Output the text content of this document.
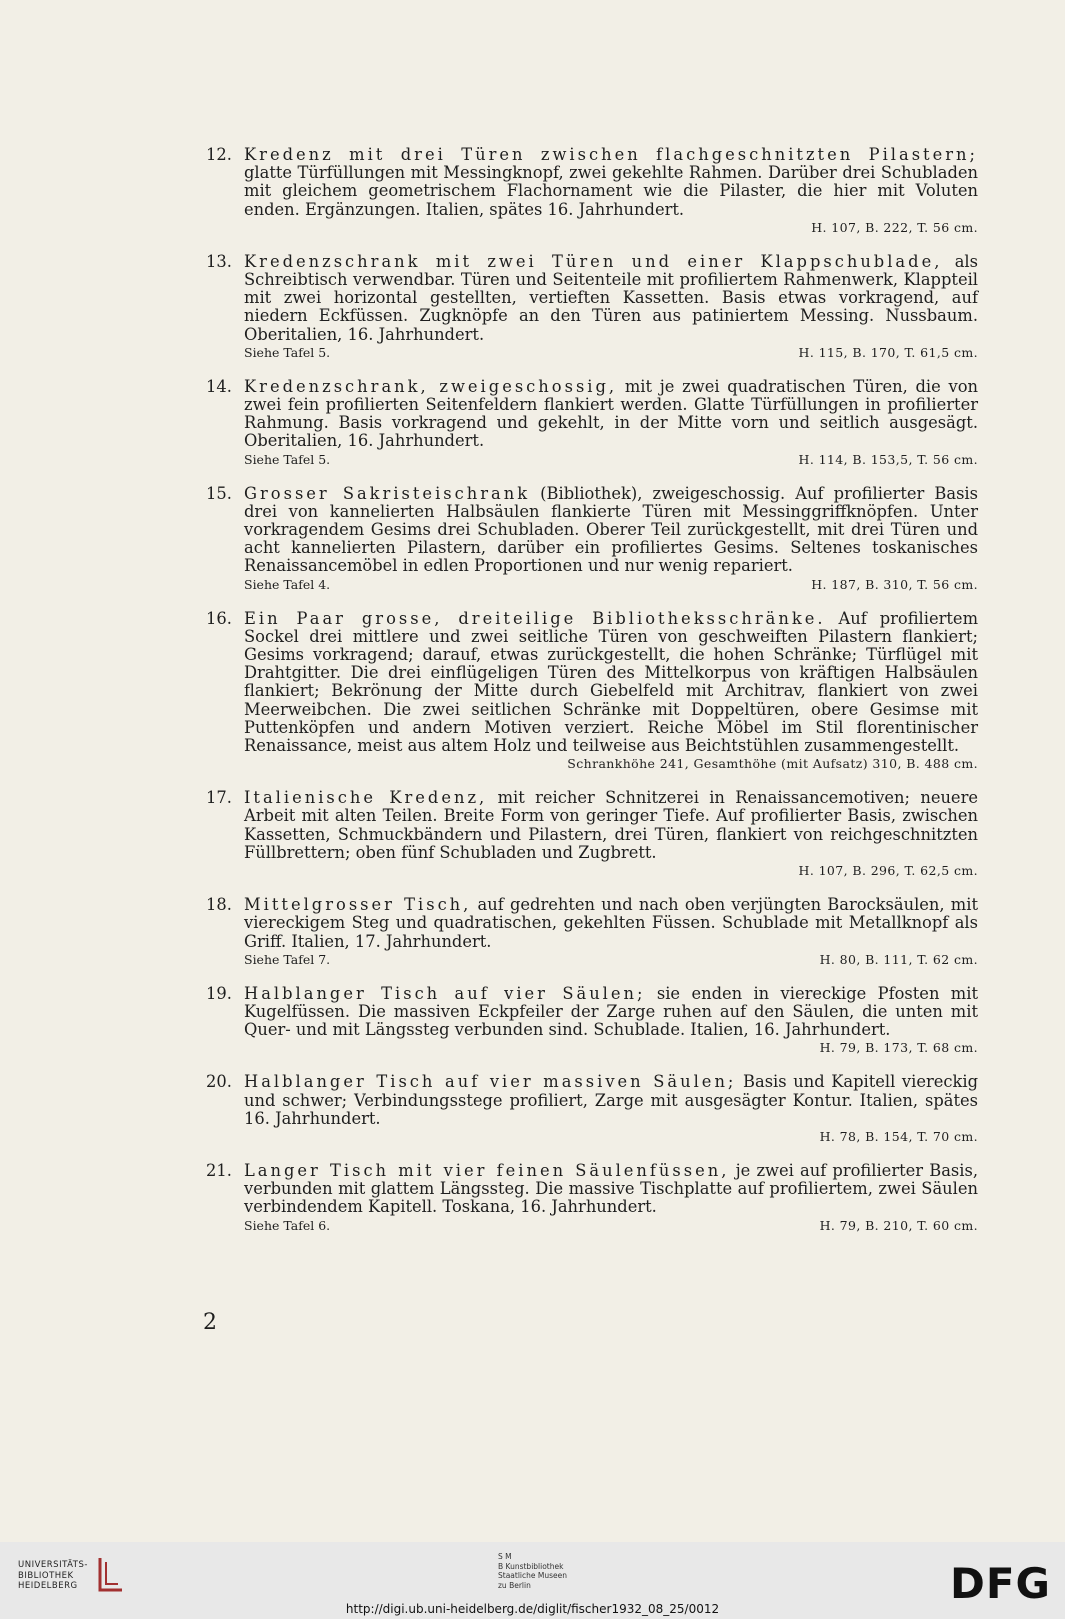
12. Kredenz mit drei Türen zwischen flachgeschnitzten Pilastern; glatte Türfüllungen mit Messingknopf, zwei gekehlte Rahmen. Darüber drei Schubladen mit gleichem geometrischem Flachornament wie die Pilaster, die hier mit Voluten enden. Ergänzungen. Italien, spätes 16. Jahrhundert.
H. 107, B. 222, T. 56 cm.
13. Kredenzschrank mit zwei Türen und einer Klappschublade, als Schreibtisch verwendbar. Türen und Seitenteile mit profiliertem Rahmenwerk, Klappteil mit zwei horizontal gestellten, vertieften Kassetten. Basis etwas vorkragend, auf niedern Eckfüssen. Zugknöpfe an den Türen aus patiniertem Messing. Nussbaum. Oberitalien, 16. Jahrhundert.
Siehe Tafel 5.	H. 115, B. 170, T. 61,5 cm.
14. Kredenzschrank, zweigeschossig, mit je zwei quadratischen Türen, die von zwei fein profilierten Seitenfeldern flankiert werden. Glatte Türfüllungen in profilierter Rahmung. Basis vorkragend und gekehlt, in der Mitte vorn und seitlich ausgesägt. Oberitalien, 16. Jahrhundert.
Siehe Tafel 5.	H. 114, B. 153,5, T. 56 cm.
15. Grosser Sakristeischrank (Bibliothek), zweigeschossig. Auf profilierter Basis drei von kannelierten Halbsäulen flankierte Türen mit Messinggriffknöpfen. Unter vorkragendem Gesims drei Schubladen. Oberer Teil zurückgestellt, mit drei Türen und acht kannelierten Pilastern, darüber ein profiliertes Gesims. Seltenes toskanisches Renaissancemöbel in edlen Proportionen und nur wenig repariert.
Siehe Tafel 4.	H. 187, B. 310, T. 56 cm.
16. Ein Paar grosse, dreiteilige Bibliotheksschränke. Auf profiliertem Sockel drei mittlere und zwei seitliche Türen von geschweiften Pilastern flankiert; Gesims vorkragend; darauf, etwas zurückgestellt, die hohen Schränke; Türflügel mit Drahtgitter. Die drei einflügeligen Türen des Mittelkorpus von kräftigen Halbsäulen flankiert; Bekrönung der Mitte durch Giebelfeld mit Architrav, flankiert von zwei Meerweibchen. Die zwei seitlichen Schränke mit Doppeltüren, obere Gesimse mit Puttenköpfen und andern Motiven verziert. Reiche Möbel im Stil florentinischer Renaissance, meist aus altem Holz und teilweise aus Beichtstühlen zusammengestellt.
Schrankhöhe 241, Gesamthöhe (mit Aufsatz) 310, B. 488 cm.
17. Italienische Kredenz, mit reicher Schnitzerei in Renaissancemotiven; neuere Arbeit mit alten Teilen. Breite Form von geringer Tiefe. Auf profilierter Basis, zwischen Kassetten, Schmuckbändern und Pilastern, drei Türen, flankiert von reichgeschnitzten Füllbrettern; oben fünf Schubladen und Zugbrett.
H. 107, B. 296, T. 62,5 cm.
18. Mittelgrosser Tisch, auf gedrehten und nach oben verjüngten Barocksäulen, mit viereckigem Steg und quadratischen, gekehlten Füssen. Schublade mit Metallknopf als Griff. Italien, 17. Jahrhundert.
Siehe Tafel 7.	H. 80, B. 111, T. 62 cm.
19. Halblanger Tisch auf vier Säulen; sie enden in viereckige Pfosten mit Kugelfüssen. Die massiven Eckpfeiler der Zarge ruhen auf den Säulen, die unten mit Quer- und mit Längssteg verbunden sind. Schublade. Italien, 16. Jahrhundert.
H. 79, B. 173, T. 68 cm.
20. Halblanger Tisch auf vier massiven Säulen; Basis und Kapitell viereckig und schwer; Verbindungsstege profiliert, Zarge mit ausgesägter Kontur. Italien, spätes 16. Jahrhundert.
H. 78, B. 154, T. 70 cm.
21. Langer Tisch mit vier feinen Säulenfüssen, je zwei auf profilierter Basis, verbunden mit glattem Längssteg. Die massive Tischplatte auf profiliertem, zwei Säulen verbindendem Kapitell. Toskana, 16. Jahrhundert.
Siehe Tafel 6.	H. 79, B. 210, T. 60 cm.
2
UNIVERSITÄTS-
BIBLIOTHEK
HEIDELBERG
S M
B Kunstbibliothek
Staatliche Museen
zu Berlin	DFG
http://digi.ub.uni-heidelberg.de/diglit/fischer1932_08_25/0012
